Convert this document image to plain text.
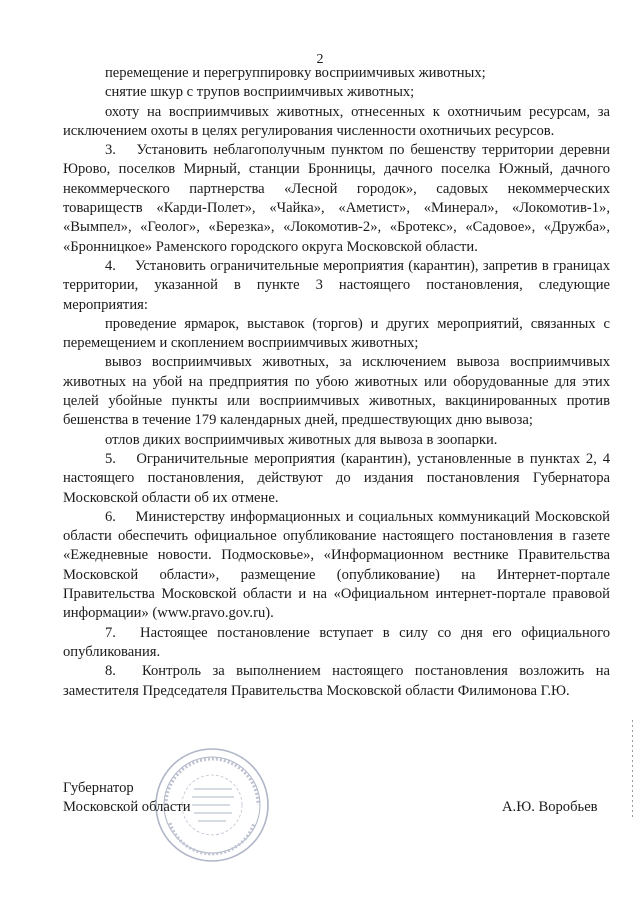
2

перемещение и перегруппировку восприимчивых животных;

снятие шкур с трупов восприимчивых животных;

охоту на восприимчивых животных, отнесенных к охотничьим ресурсам, за исключением охоты в целях регулирования численности охотничьих ресурсов.

3.  Установить неблагополучным пунктом по бешенству территории деревни Юрово, поселков Мирный, станции Бронницы, дачного поселка Южный, дачного некоммерческого партнерства «Лесной городок», садовых некоммерческих товариществ «Карди-Полет», «Чайка», «Аметист», «Минерал», «Локомотив-1», «Вымпел», «Геолог», «Березка», «Локомотив-2», «Бротекс», «Садовое», «Дружба», «Бронницкое» Раменского городского округа Московской области.

4.  Установить ограничительные мероприятия (карантин), запретив в границах территории, указанной в пункте 3 настоящего постановления, следующие мероприятия:

проведение ярмарок, выставок (торгов) и других мероприятий, связанных с перемещением и скоплением восприимчивых животных;

вывоз восприимчивых животных, за исключением вывоза восприимчивых животных на убой на предприятия по убою животных или оборудованные для этих целей убойные пункты или восприимчивых животных, вакцинированных против бешенства в течение 179 календарных дней, предшествующих дню вывоза;

отлов диких восприимчивых животных для вывоза в зоопарки.

5.  Ограничительные мероприятия (карантин), установленные в пунктах 2, 4 настоящего постановления, действуют до издания постановления Губернатора Московской области об их отмене.

6.  Министерству информационных и социальных коммуникаций Московской области обеспечить официальное опубликование настоящего постановления в газете «Ежедневные новости. Подмосковье», «Информационном вестнике Правительства Московской области», размещение (опубликование) на Интернет-портале Правительства Московской области и на «Официальном интернет-портале правовой информации» (www.pravo.gov.ru).

7.  Настоящее постановление вступает в силу со дня его официального опубликования.

8.  Контроль за выполнением настоящего постановления возложить на заместителя Председателя Правительства Московской области Филимонова Г.Ю.

Губернатор
Московской области	А.Ю. Воробьев
